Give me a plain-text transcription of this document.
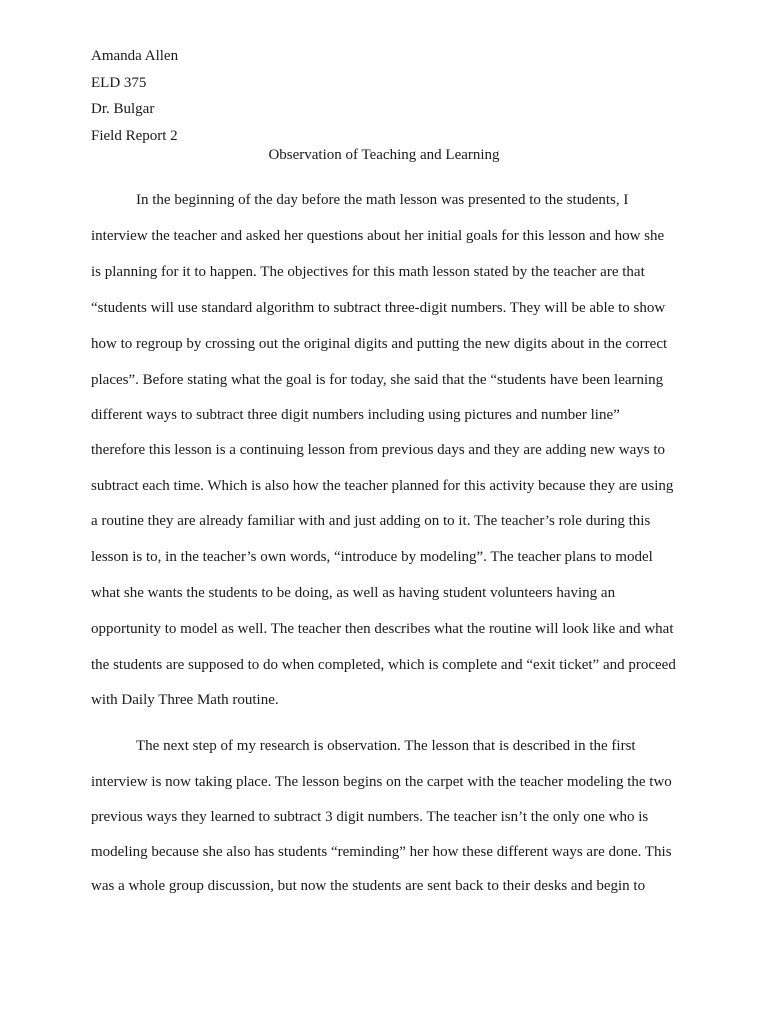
Amanda Allen
ELD 375
Dr. Bulgar
Field Report 2
Observation of Teaching and Learning
In the beginning of the day before the math lesson was presented to the students, I
interview the teacher and asked her questions about her initial goals for this lesson and how she
is planning for it to happen. The objectives for this math lesson stated by the teacher are that
“students will use standard algorithm to subtract three-digit numbers. They will be able to show
how to regroup by crossing out the original digits and putting the new digits about in the correct
places”. Before stating what the goal is for today, she said that the “students have been learning
different ways to subtract three digit numbers including using pictures and number line”
therefore this lesson is a continuing lesson from previous days and they are adding new ways to
subtract each time. Which is also how the teacher planned for this activity because they are using
a routine they are already familiar with and just adding on to it. The teacher’s role during this
lesson is to, in the teacher’s own words, “introduce by modeling”. The teacher plans to model
what she wants the students to be doing, as well as having student volunteers having an
opportunity to model as well. The teacher then describes what the routine will look like and what
the students are supposed to do when completed, which is complete and “exit ticket” and proceed
with Daily Three Math routine.
The next step of my research is observation. The lesson that is described in the first
interview is now taking place. The lesson begins on the carpet with the teacher modeling the two
previous ways they learned to subtract 3 digit numbers. The teacher isn’t the only one who is
modeling because she also has students “reminding” her how these different ways are done. This
was a whole group discussion, but now the students are sent back to their desks and begin to
